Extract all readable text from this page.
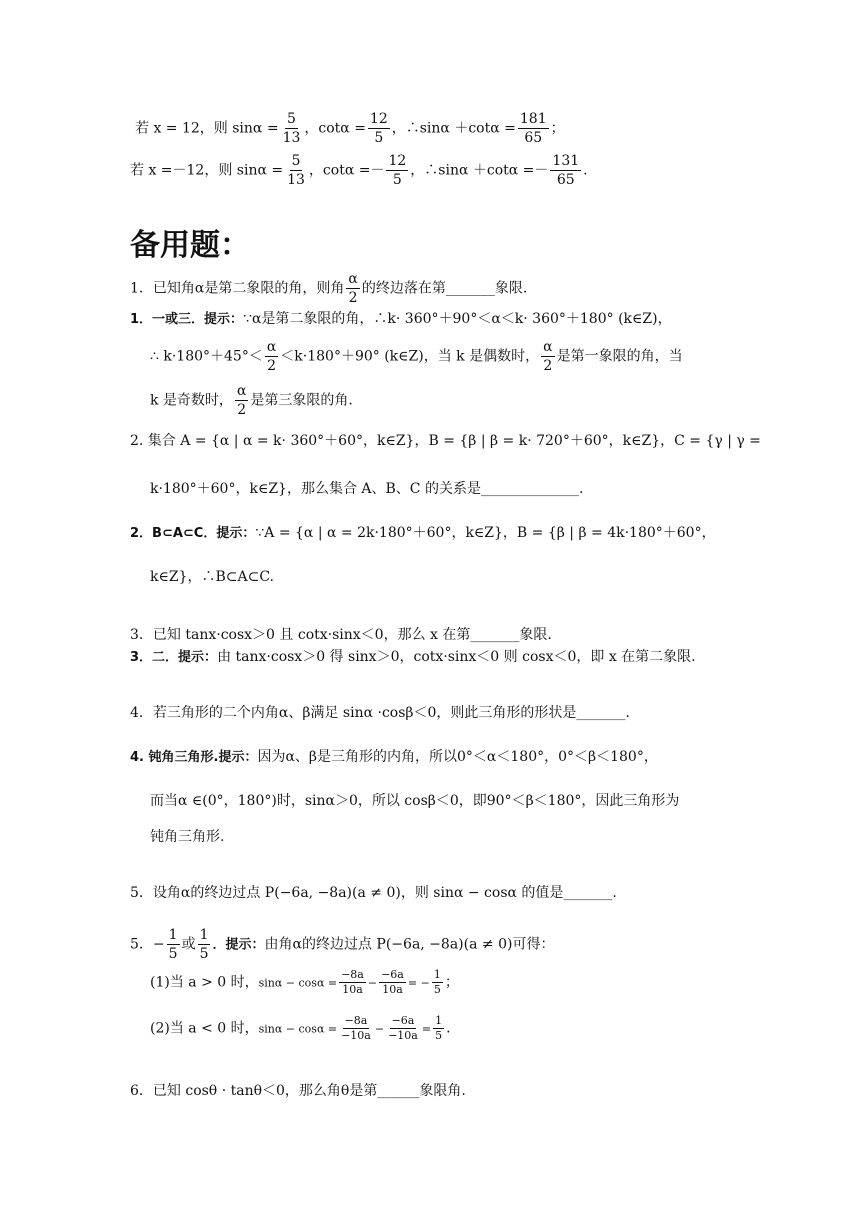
若 x = 12，则 $\sin\alpha = \frac{5}{13}$ ，$\cot\alpha = \frac{12}{5}$ ，∴sinα $+\cot\alpha = \frac{181}{65}$ ；
若 x =－12，则 $\sin\alpha = \frac{5}{13}$ ，$\cot\alpha =- \frac{12}{5}$ ，∴sinα $+\cot\alpha =- \frac{131}{65}$ .
备用题：
1．已知角α是第二象限的角，则角 $\frac{\alpha}{2}$ 的终边落在第_______象限.
1．一或三．提示：∵α是第二象限的角，∴k· 360°＋90°＜α＜k· 360°＋180° (k∈Z)，
∴ $k\cdot 180^\circ+45^\circ< \frac{\alpha}{2} <k\cdot 180^\circ+90^\circ$ (k∈Z)，当 k 是偶数时， $\frac{\alpha}{2}$ 是第一象限的角，当
k 是奇数时， $\frac{\alpha}{2}$ 是第三象限的角.
2. 集合 A = {α | α = k· 360°＋60°，k∈Z}，B = {β | β = k· 720°＋60°，k∈Z}，C = {γ | γ =
k·180°＋60°，k∈Z}，那么集合 A、B、C 的关系是______________.
2．B⊂A⊂C．提示：∵A = {α | α = 2k·180°＋60°，k∈Z}，B = {β | β = 4k·180°＋60°，
k∈Z}，∴B⊂A⊂C.
3．已知 tanx·cosx＞0 且 cotx·sinx＜0，那么 x 在第_______象限.
3．二．提示：由 tanx·cosx＞0 得 sinx＞0，cotx·sinx＜0 则 cosx＜0，即 x 在第二象限.
4．若三角形的二个内角α、β满足 sinα ·cosβ＜0，则此三角形的形状是_______.
4. 钝角三角形.提示：因为α、β是三角形的内角，所以0°＜α＜180°，0°＜β＜180°，
而当α ∈(0°，180°)时，sinα＞0，所以 cosβ＜0，即90°＜β＜180°，因此三角形为
钝角三角形.
5．设角α的终边过点 P(−6a, −8a)(a ≠ 0)，则 sinα − cosα 的值是_______.
5．− $\frac{1}{5}$ 或 $\frac{1}{5}$ ．提示：由角α的终边过点 P(−6a, −8a)(a ≠ 0)可得：
(1)当 a > 0 时，$\sin\alpha - \cos\alpha = \frac{-8a}{10a} - \frac{-6a}{10a}$ = − $\frac{1}{5}$ ；
(2)当 a < 0 时，$\sin\alpha - \cos\alpha = \frac{-8a}{-10a} - \frac{-6a}{-10a} = \frac{1}{5}$ .
6．已知 cosθ · tanθ＜0，那么角θ是第______象限角.
